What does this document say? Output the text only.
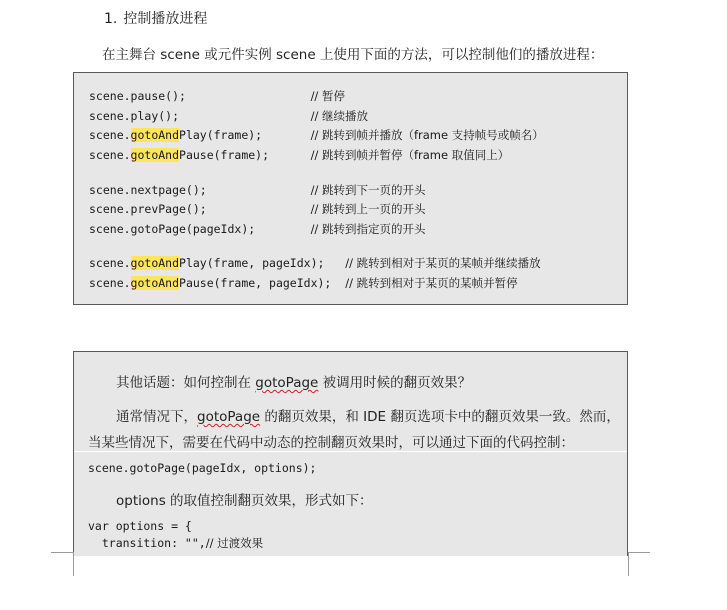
1. 控制播放进程
在主舞台 scene 或元件实例 scene 上使用下面的方法，可以控制他们的播放进程：
scene.pause();	// 暂停
scene.play();	// 继续播放
scene.gotoAndPlay(frame);	// 跳转到帧并播放（frame 支持帧号或帧名）
scene.gotoAndPause(frame);	// 跳转到帧并暂停（frame 取值同上）
scene.nextpage();	// 跳转到下一页的开头
scene.prevPage();	// 跳转到上一页的开头
scene.gotoPage(pageIdx);	// 跳转到指定页的开头
scene.gotoAndPlay(frame, pageIdx); // 跳转到相对于某页的某帧并继续播放
scene.gotoAndPause(frame, pageIdx); // 跳转到相对于某页的某帧并暂停
其他话题：如何控制在 gotoPage 被调用时候的翻页效果？
通常情况下，gotoPage 的翻页效果，和 IDE 翻页选项卡中的翻页效果一致。然而，
当某些情况下，需要在代码中动态的控制翻页效果时，可以通过下面的代码控制：
scene.gotoPage(pageIdx, options);
options 的取值控制翻页效果，形式如下：
var options = {
transition: "",// 过渡效果
